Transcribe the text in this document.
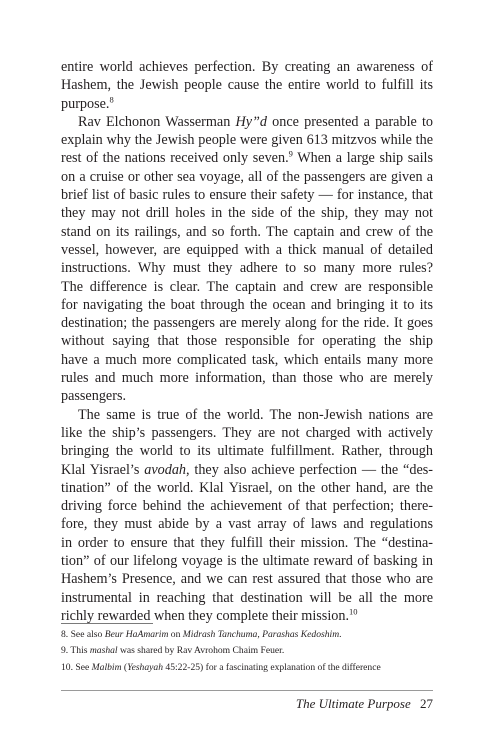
entire world achieves perfection. By creating an awareness of
Hashem, the Jewish people cause the entire world to fulfill its
purpose.$^8$
Rav Elchonon Wasserman Hy”d once presented a parable to
explain why the Jewish people were given 613 mitzvos while the
rest of the nations received only seven.$^9$ When a large ship sails
on a cruise or other sea voyage, all of the passengers are given a
brief list of basic rules to ensure their safety — for instance, that
they may not drill holes in the side of the ship, they may not
stand on its railings, and so forth. The captain and crew of the
vessel, however, are equipped with a thick manual of detailed
instructions. Why must they adhere to so many more rules?
The difference is clear. The captain and crew are responsible
for navigating the boat through the ocean and bringing it to its
destination; the passengers are merely along for the ride. It goes
without saying that those responsible for operating the ship
have a much more complicated task, which entails many more
rules and much more information, than those who are merely
passengers.
The same is true of the world. The non-Jewish nations are
like the ship’s passengers. They are not charged with actively
bringing the world to its ultimate fulfillment. Rather, through
Klal Yisrael’s avodah, they also achieve perfection — the “des-
tination” of the world. Klal Yisrael, on the other hand, are the
driving force behind the achievement of that perfection; there-
fore, they must abide by a vast array of laws and regulations
in order to ensure that they fulfill their mission. The “destina-
tion” of our lifelong voyage is the ultimate reward of basking in
Hashem’s Presence, and we can rest assured that those who are
instrumental in reaching that destination will be all the more
richly rewarded when they complete their mission.$^{10}$
8. See also Beur HaAmarim on Midrash Tanchuma, Parashas Kedoshim.
9. This mashal was shared by Rav Avrohom Chaim Feuer.
10. See Malbim (Yeshayah 45:22-25) for a fascinating explanation of the difference
The Ultimate Purpose 27
